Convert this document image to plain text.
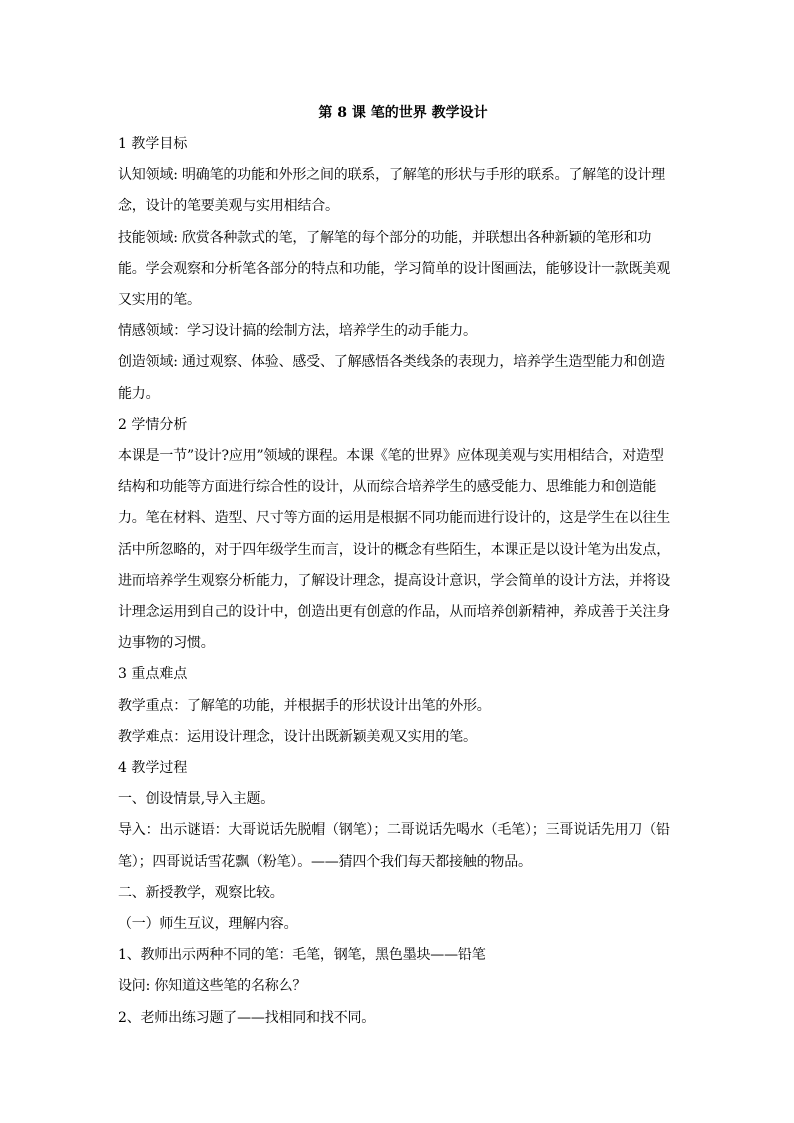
第 8 课 笔的世界 教学设计
1 教学目标
认知领域: 明确笔的功能和外形之间的联系，了解笔的形状与手形的联系。了解笔的设计理念，设计的笔要美观与实用相结合。
技能领域: 欣赏各种款式的笔，了解笔的每个部分的功能，并联想出各种新颖的笔形和功能。学会观察和分析笔各部分的特点和功能，学习简单的设计图画法，能够设计一款既美观又实用的笔。
情感领域：学习设计搞的绘制方法，培养学生的动手能力。
创造领域: 通过观察、体验、感受、了解感悟各类线条的表现力，培养学生造型能力和创造能力。
2 学情分析
本课是一节”设计?应用”领域的课程。本课《笔的世界》应体现美观与实用相结合，对造型结构和功能等方面进行综合性的设计，从而综合培养学生的感受能力、思维能力和创造能力。笔在材料、造型、尺寸等方面的运用是根据不同功能而进行设计的，这是学生在以往生活中所忽略的，对于四年级学生而言，设计的概念有些陌生，本课正是以设计笔为出发点，进而培养学生观察分析能力，了解设计理念，提高设计意识，学会简单的设计方法，并将设计理念运用到自己的设计中，创造出更有创意的作品，从而培养创新精神，养成善于关注身边事物的习惯。
3 重点难点
教学重点：了解笔的功能，并根据手的形状设计出笔的外形。
教学难点：运用设计理念，设计出既新颖美观又实用的笔。
4 教学过程
一、创设情景,导入主题。
导入：出示谜语：大哥说话先脱帽（钢笔）；二哥说话先喝水（毛笔）；三哥说话先用刀（铅笔）；四哥说话雪花飘（粉笔）。——猜四个我们每天都接触的物品。
二、新授教学，观察比较。
（一）师生互议，理解内容。
1、教师出示两种不同的笔：毛笔，钢笔，黑色墨块——铅笔
设问: 你知道这些笔的名称么？
2、老师出练习题了——找相同和找不同。
